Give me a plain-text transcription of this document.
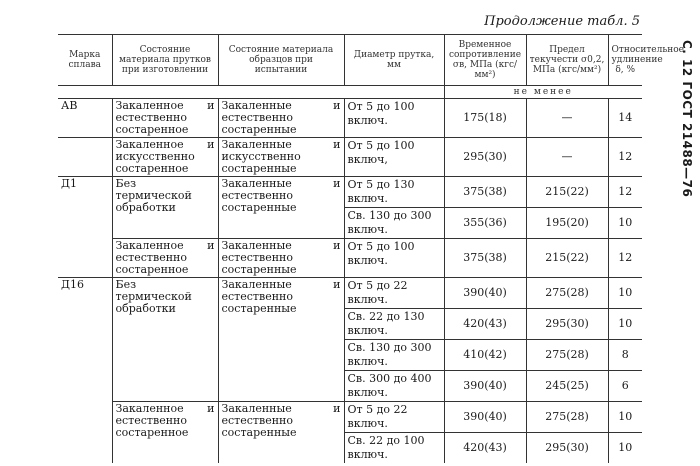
Продолжение табл. 5
С. 12 ГОСТ 21488—76
Марка сплава	Состояние материала прутков при изготовлении	Состояние материала образцов при испытании	Диаметр прутка, мм	Временное сопротивление σв, МПа (кгс/мм²)	Предел текучести σ0,2, МПа (кгс/мм²)	Относительное удлинение δ, %
				не менее		
АВ	Закаленное и естественно состаренное	Закаленные и естественно состаренные	От 5 до 100 включ.	175(18)	—	14
	Закаленное и искусственно состаренное	Закаленные и искусственно состаренные	От 5 до 100 включ,	295(30)	—	12
Д1	Без термической обработки	Закаленные и естественно состаренные	От 5 до 130 включ.	375(38)	215(22)	12
			Св. 130 до 300 включ.	355(36)	195(20)	10
	Закаленное и естественно состаренное	Закаленные и естественно состаренные	От 5 до 100 включ.	375(38)	215(22)	12
Д16	Без термической обработки	Закаленные и естественно состаренные	От 5 до 22 включ.	390(40)	275(28)	10
			Св. 22 до 130 включ.	420(43)	295(30)	10
			Св. 130 до 300 включ.	410(42)	275(28)	8
			Св. 300 до 400 включ.	390(40)	245(25)	6
	Закаленное и естественно состаренное	Закаленные и естественно состаренные	От 5 до 22 включ.	390(40)	275(28)	10
			Св. 22 до 100 включ.	420(43)	295(30)	10
